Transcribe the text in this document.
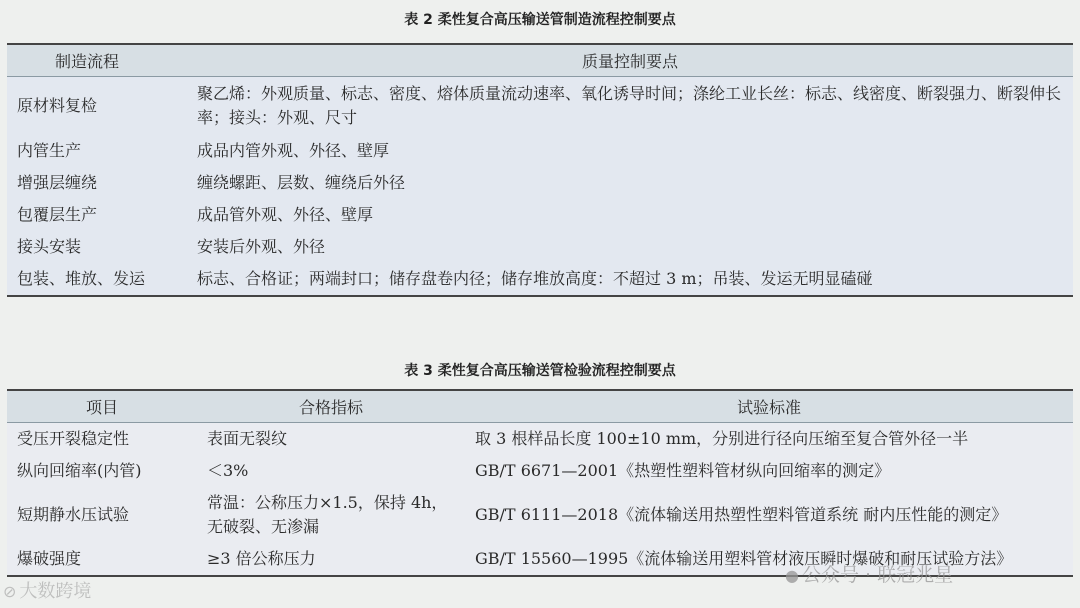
表 2 柔性复合高压输送管制造流程控制要点
制造流程	质量控制要点
原材料复检	聚乙烯：外观质量、标志、密度、熔体质量流动速率、氧化诱导时间；涤纶工业长丝：标志、线密度、断裂强力、断裂伸长率；接头：外观、尺寸
内管生产	成品内管外观、外径、壁厚
增强层缠绕	缠绕螺距、层数、缠绕后外径
包覆层生产	成品管外观、外径、壁厚
接头安装	安装后外观、外径
包装、堆放、发运	标志、合格证；两端封口；储存盘卷内径；储存堆放高度：不超过 3 m；吊装、发运无明显磕碰
表 3 柔性复合高压输送管检验流程控制要点
项目	合格指标	试验标准
受压开裂稳定性	表面无裂纹	取 3 根样品长度 100±10 mm，分别进行径向压缩至复合管外径一半
纵向回缩率(内管)	＜3%	GB/T 6671—2001《热塑性塑料管材纵向回缩率的测定》
短期静水压试验	常温：公称压力×1.5，保持 4h，无破裂、无渗漏	GB/T 6111—2018《流体输送用热塑性塑料管道系统 耐内压性能的测定》
爆破强度	≥3 倍公称压力	GB/T 15560—1995《流体输送用塑料管材液压瞬时爆破和耐压试验方法》
⊘ 大数跨境
● 公众号 · 联冠兆星
